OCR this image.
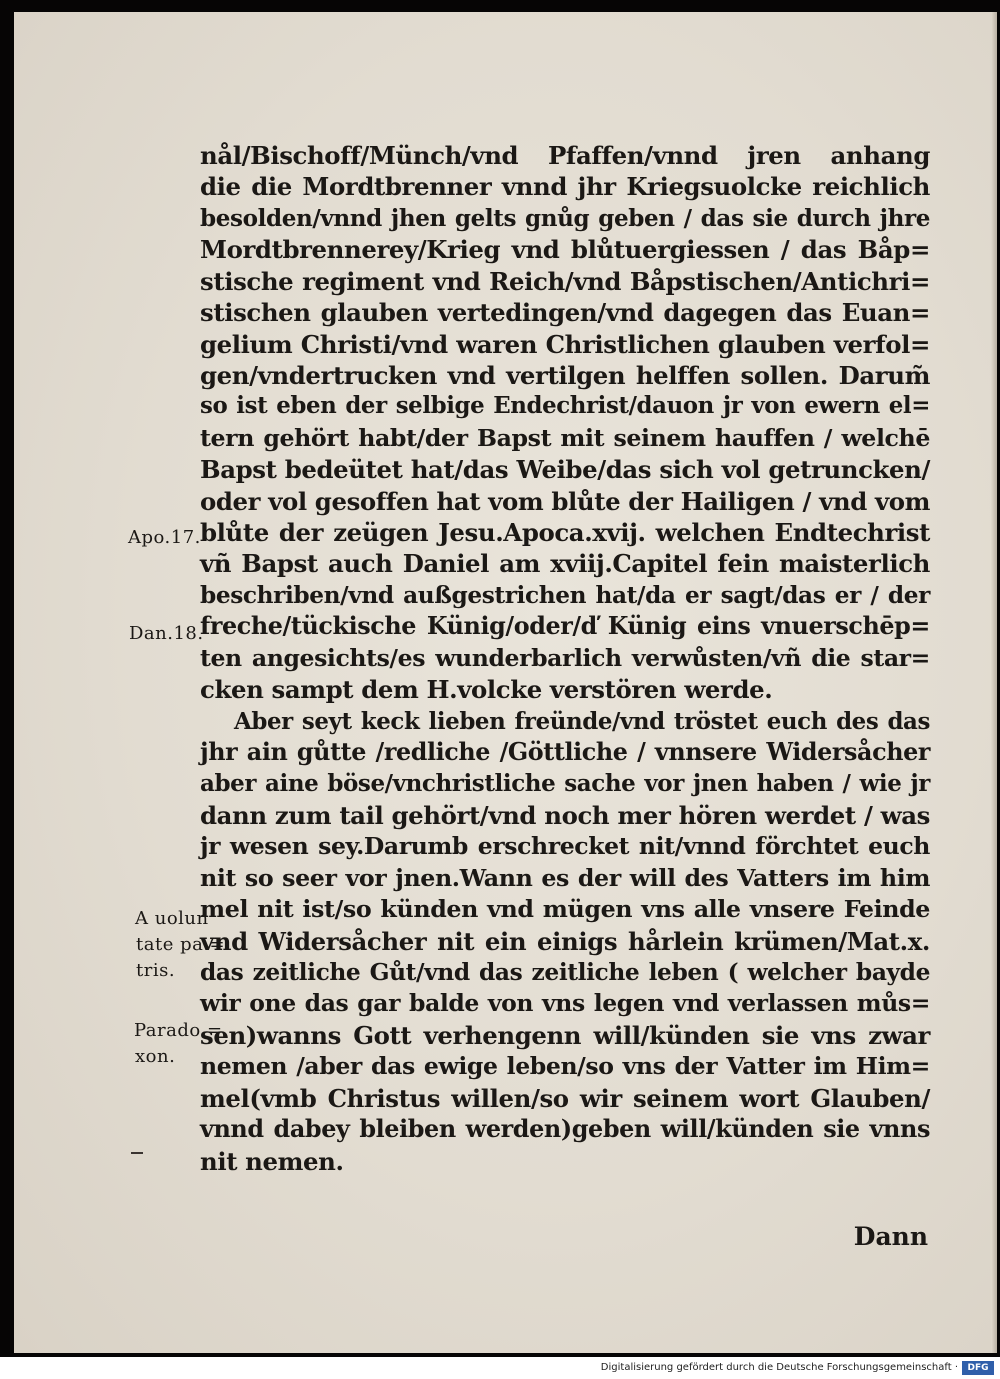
nål/Bischoff/Münch/vnd Pfaffen/vnnd jren anhang
die die Mordtbrenner vnnd jhr Kriegsuolcke reichlich
besolden/vnnd jhen gelts gnůg geben / das sie durch jhre
Mordtbrennerey/Krieg vnd blůtuergiessen / das Båp=
stische regiment vnd Reich/vnd Båpstischen/Antichri=
stischen glauben vertedingen/vnd dagegen das Euan=
gelium Christi/vnd waren Christlichen glauben verfol=
gen/vndertrucken vnd vertilgen helffen sollen. Darum̃
so ist eben der selbige Endechrist/dauon jr von ewern el=
tern gehört habt/der Bapst mit seinem hauffen / welchē
Bapst bedeütet hat/das Weibe/das sich vol getruncken/
oder vol gesoffen hat vom blůte der Hailigen / vnd vom
blůte der zeügen Jesu.Apoca.xvij. welchen Endtechrist
vñ Bapst auch Daniel am xviij.Capitel fein maisterlich
beschriben/vnd außgestrichen hat/da er sagt/das er / der
freche/tückische Künig/oder/ď Künig eins vnuerschēp=
ten angesichts/es wunderbarlich verwůsten/vñ die star=
cken sampt dem H.volcke verstören werde.
Aber seyt keck lieben freünde/vnd tröstet euch des das
jhr ain gůtte /redliche /Göttliche / vnnsere Widersåcher
aber aine böse/vnchristliche sache vor jnen haben / wie jr
dann zum tail gehört/vnd noch mer hören werdet / was
jr wesen sey.Darumb erschrecket nit/vnnd förchtet euch
nit so seer vor jnen.Wann es der will des Vatters im him
mel nit ist/so künden vnd mügen vns alle vnsere Feinde
vnd Widersåcher nit ein einigs hårlein krümen/Mat.x.
das zeitliche Gůt/vnd das zeitliche leben ( welcher bayde
wir one das gar balde von vns legen vnd verlassen můs=
sen)wanns Gott verhengenn will/künden sie vns zwar
nemen /aber das ewige leben/so vns der Vatter im Him=
mel(vmb Christus willen/so wir seinem wort Glauben/
vnnd dabey bleiben werden)geben will/künden sie vnns
nit nemen.
Apo.17.
Dan.18.
A uolun
tate pa =
tris.
Parado =
xon.
Dann
Digitalisierung gefördert durch die Deutsche Forschungsgemeinschaft ·	DFG
